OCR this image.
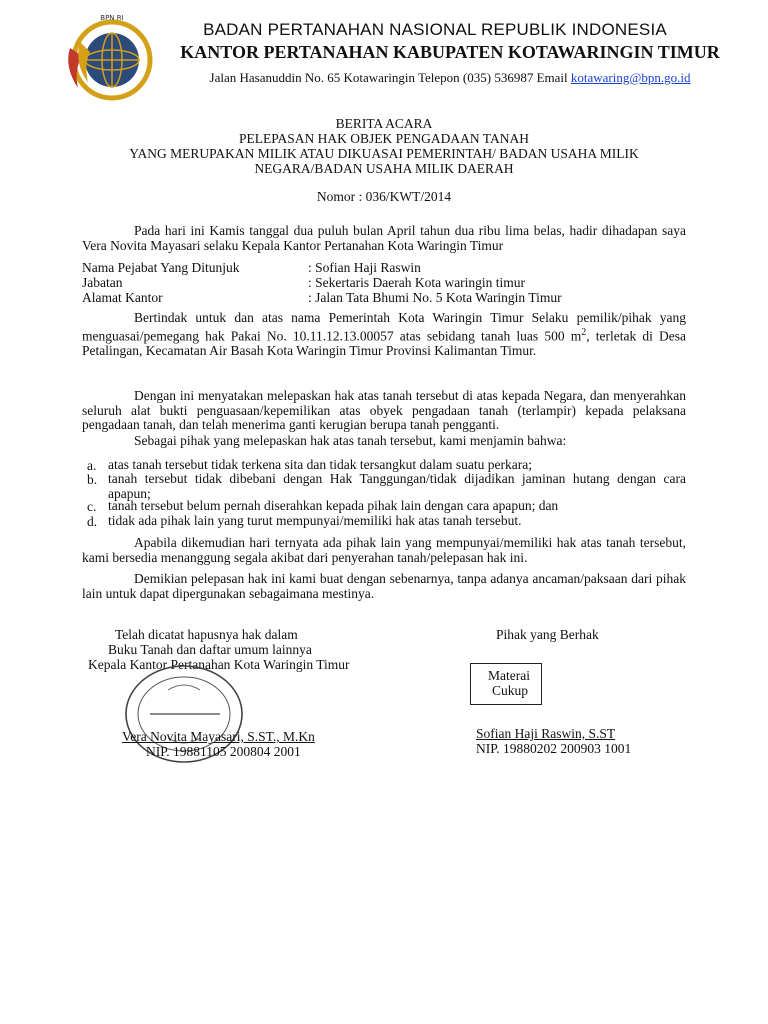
BPN RI
BADAN PERTANAHAN NASIONAL REPUBLIK INDONESIA
KANTOR PERTANAHAN KABUPATEN KOTAWARINGIN TIMUR
Jalan Hasanuddin No. 65 Kotawaringin Telepon (035) 536987 Email kotawaring@bpn.go.id
BERITA ACARA
PELEPASAN HAK OBJEK PENGADAAN TANAH
YANG MERUPAKAN MILIK ATAU DIKUASAI PEMERINTAH/ BADAN USAHA MILIK
NEGARA/BADAN USAHA MILIK DAERAH
Nomor : 036/KWT/2014
Pada hari ini Kamis tanggal dua puluh bulan April tahun dua ribu lima belas, hadir dihadapan saya Vera Novita Mayasari selaku Kepala Kantor Pertanahan Kota Waringin Timur
Nama Pejabat Yang Ditunjuk	: Sofian Haji Raswin
Jabatan	: Sekertaris Daerah Kota waringin timur
Alamat Kantor	: Jalan Tata Bhumi No. 5 Kota Waringin Timur
Bertindak untuk dan atas nama Pemerintah Kota Waringin Timur Selaku pemilik/pihak yang menguasai/pemegang hak Pakai No. 10.11.12.13.00057 atas sebidang tanah luas 500 $m^2$, terletak di Desa Petalingan, Kecamatan Air Basah Kota Waringin Timur Provinsi Kalimantan Timur.
Dengan ini menyatakan melepaskan hak atas tanah tersebut di atas kepada Negara, dan menyerahkan seluruh alat bukti penguasaan/kepemilikan atas obyek pengadaan tanah (terlampir) kepada pelaksana pengadaan tanah, dan telah menerima ganti kerugian berupa tanah pengganti.
Sebagai pihak yang melepaskan hak atas tanah tersebut, kami menjamin bahwa:
a. atas tanah tersebut tidak terkena sita dan tidak tersangkut dalam suatu perkara;
b. tanah tersebut tidak dibebani dengan Hak Tanggungan/tidak dijadikan jaminan hutang dengan cara apapun;
c. tanah tersebut belum pernah diserahkan kepada pihak lain dengan cara apapun; dan
d. tidak ada pihak lain yang turut mempunyai/memiliki hak atas tanah tersebut.
Apabila dikemudian hari ternyata ada pihak lain yang mempunyai/memiliki hak atas tanah tersebut, kami bersedia menanggung segala akibat dari penyerahan tanah/pelepasan hak ini.
Demikian pelepasan hak ini kami buat dengan sebenarnya, tanpa adanya ancaman/paksaan dari pihak lain untuk dapat dipergunakan sebagaimana mestinya.
Telah dicatat hapusnya hak dalam
Buku Tanah dan daftar umum lainnya
Kepala Kantor Pertanahan Kota Waringin Timur
Vera Novita Mayasari, S.ST., M.Kn
NIP. 19881105 200804 2001
Pihak yang Berhak
Materai
Cukup
Sofian Haji Raswin, S.ST
NIP. 19880202 200903 1001
